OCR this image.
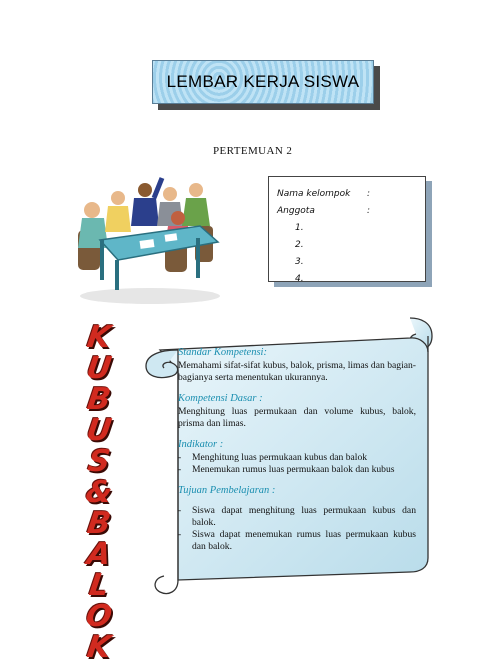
LEMBAR KERJA SISWA
PERTEMUAN 2
Nama kelompok	:
Anggota	:
1.
2.
3.
4.
K
U
B
U
S
&
B
A
L
O
K
Standar Kompetensi:
Memahami sifat-sifat kubus, balok, prisma, limas dan bagian-bagianya serta menentukan ukurannya.
Kompetensi Dasar :
Menghitung luas permukaan dan volume kubus, balok, prisma dan limas.
Indikator :
-	Menghitung luas permukaan kubus dan balok
-	Menemukan rumus luas permukaan balok dan kubus
Tujuan Pembelajaran :
-	Siswa dapat menghitung luas permukaan kubus dan balok.
-	Siswa dapat menemukan rumus luas permukaan kubus dan balok.
